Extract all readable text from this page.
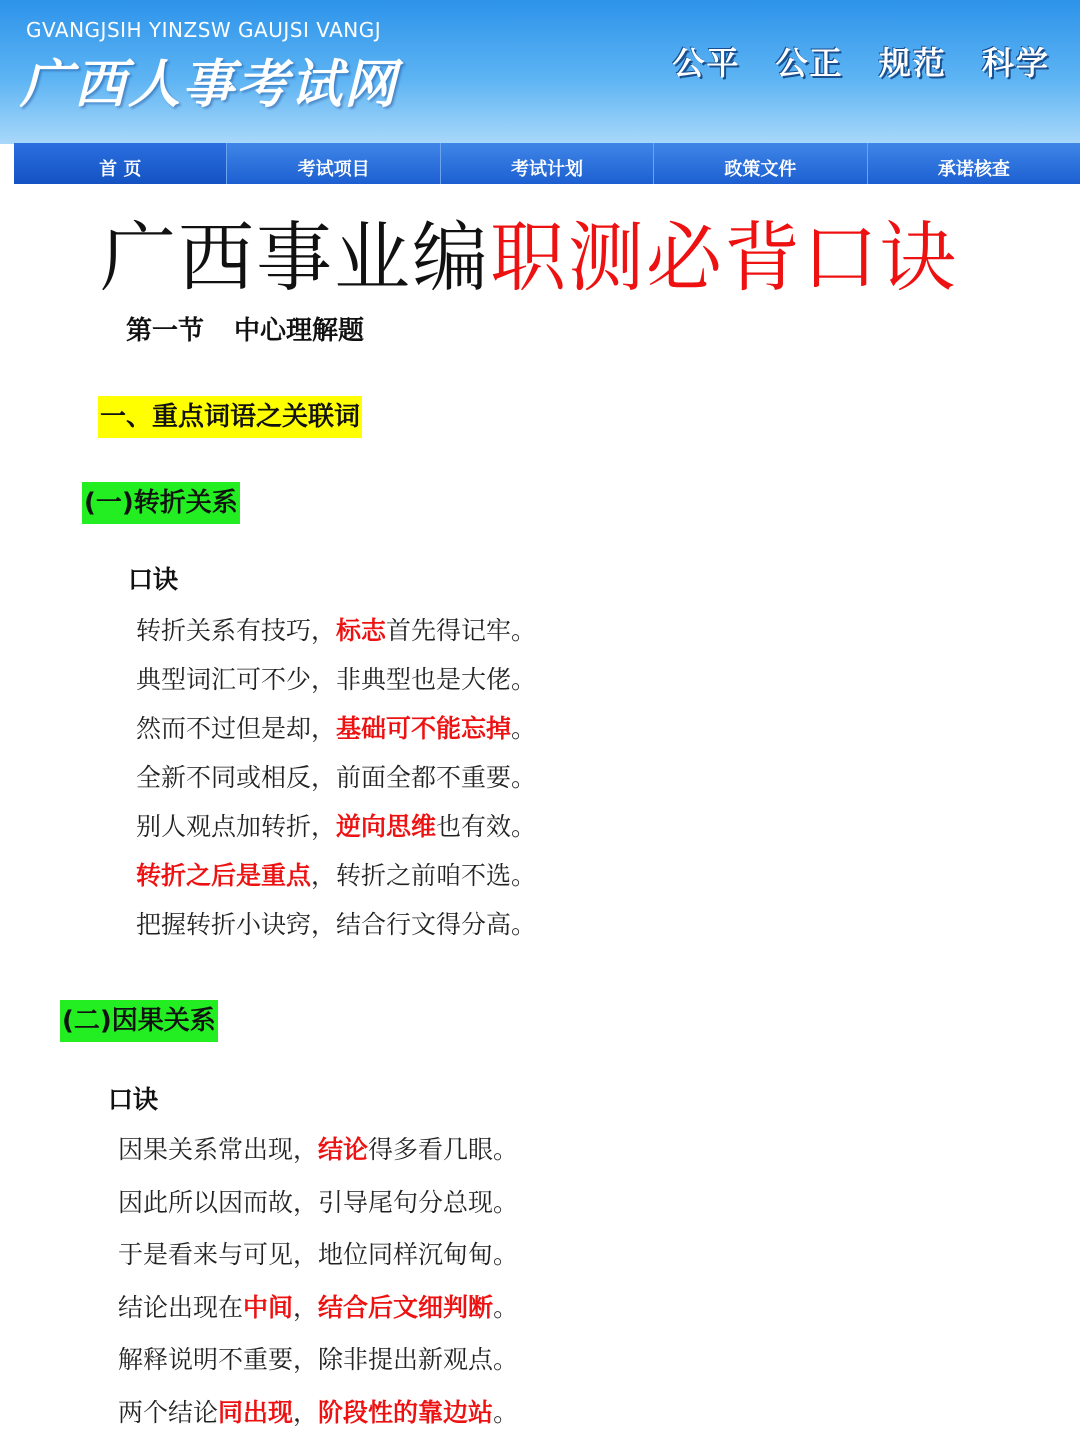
GVANGJSIH YINZSW GAUJSI VANGJ
广西人事考试网	公平 公正 规范 科学
首 页	考试项目	考试计划	政策文件	承诺核查
广西事业编职测必背口诀
第一节 中心理解题
一、重点词语之关联词
(一)转折关系
口诀
转折关系有技巧，标志首先得记牢。
典型词汇可不少，非典型也是大佬。
然而不过但是却，基础可不能忘掉。
全新不同或相反，前面全都不重要。
别人观点加转折，逆向思维也有效。
转折之后是重点，转折之前咱不选。
把握转折小诀窍，结合行文得分高。
(二)因果关系
口诀
因果关系常出现，结论得多看几眼。
因此所以因而故，引导尾句分总现。
于是看来与可见，地位同样沉甸甸。
结论出现在中间，结合后文细判断。
解释说明不重要，除非提出新观点。
两个结论同出现，阶段性的靠边站。
